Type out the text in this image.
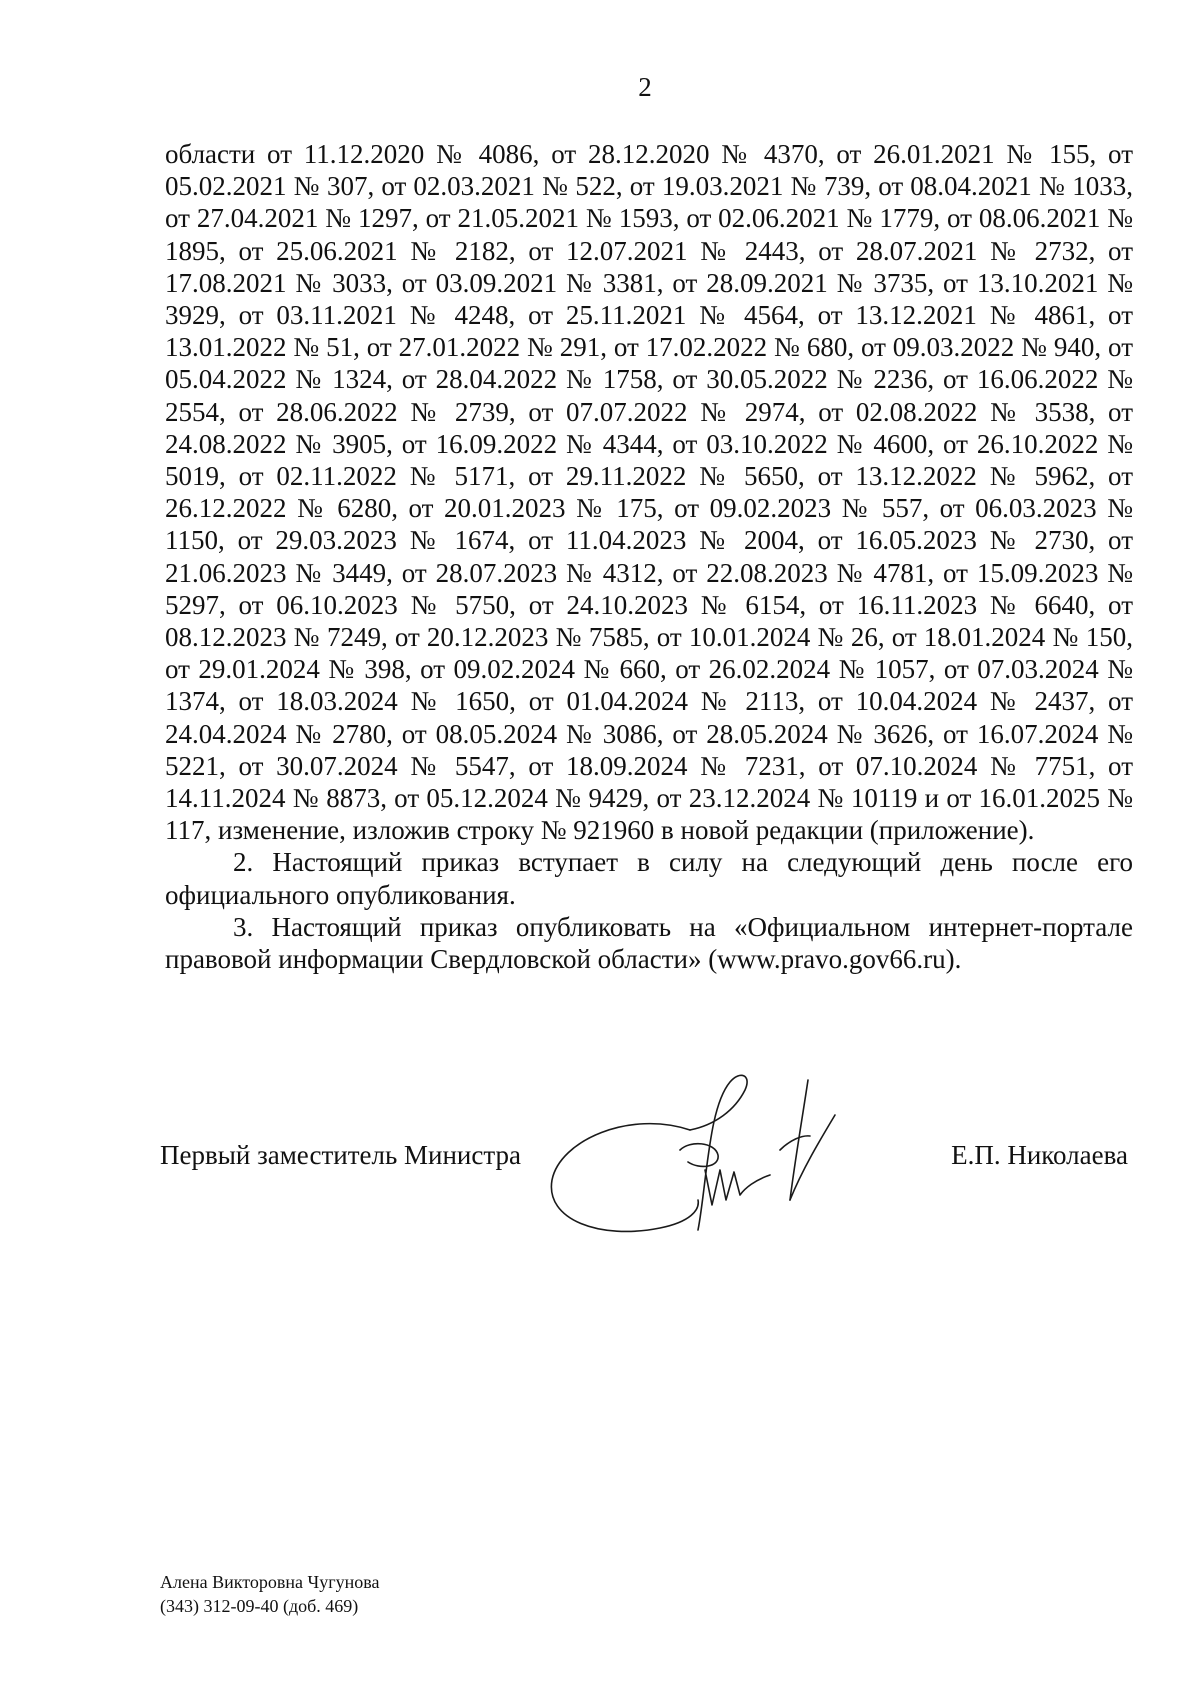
2

области от 11.12.2020 № 4086, от 28.12.2020 № 4370, от 26.01.2021 № 155, от 05.02.2021 № 307, от 02.03.2021 № 522, от 19.03.2021 № 739, от 08.04.2021 № 1033, от 27.04.2021 № 1297, от 21.05.2021 № 1593, от 02.06.2021 № 1779, от 08.06.2021 № 1895, от 25.06.2021 № 2182, от 12.07.2021 № 2443, от 28.07.2021 № 2732, от 17.08.2021 № 3033, от 03.09.2021 № 3381, от 28.09.2021 № 3735, от 13.10.2021 № 3929, от 03.11.2021 № 4248, от 25.11.2021 № 4564, от 13.12.2021 № 4861, от 13.01.2022 № 51, от 27.01.2022 № 291, от 17.02.2022 № 680, от 09.03.2022 № 940, от 05.04.2022 № 1324, от 28.04.2022 № 1758, от 30.05.2022 № 2236, от 16.06.2022 № 2554, от 28.06.2022 № 2739, от 07.07.2022 № 2974, от 02.08.2022 № 3538, от 24.08.2022 № 3905, от 16.09.2022 № 4344, от 03.10.2022 № 4600, от 26.10.2022 № 5019, от 02.11.2022 № 5171, от 29.11.2022 № 5650, от 13.12.2022 № 5962, от 26.12.2022 № 6280, от 20.01.2023 № 175, от 09.02.2023 № 557, от 06.03.2023 № 1150, от 29.03.2023 № 1674, от 11.04.2023 № 2004, от 16.05.2023 № 2730, от 21.06.2023 № 3449, от 28.07.2023 № 4312, от 22.08.2023 № 4781, от 15.09.2023 № 5297, от 06.10.2023 № 5750, от 24.10.2023 № 6154, от 16.11.2023 № 6640, от 08.12.2023 № 7249, от 20.12.2023 № 7585, от 10.01.2024 № 26, от 18.01.2024 № 150, от 29.01.2024 № 398, от 09.02.2024 № 660, от 26.02.2024 № 1057, от 07.03.2024 № 1374, от 18.03.2024 № 1650, от 01.04.2024 № 2113, от 10.04.2024 № 2437, от 24.04.2024 № 2780, от 08.05.2024 № 3086, от 28.05.2024 № 3626, от 16.07.2024 № 5221, от 30.07.2024 № 5547, от 18.09.2024 № 7231, от 07.10.2024 № 7751, от 14.11.2024 № 8873, от 05.12.2024 № 9429, от 23.12.2024 № 10119 и от 16.01.2025 № 117, изменение, изложив строку № 921960 в новой редакции (приложение).

2. Настоящий приказ вступает в силу на следующий день после его официального опубликования.

3. Настоящий приказ опубликовать на «Официальном интернет-портале правовой информации Свердловской области» (www.pravo.gov66.ru).

Первый заместитель Министра	Е.П. Николаева
Алена Викторовна Чугунова
(343) 312-09-40 (доб. 469)
